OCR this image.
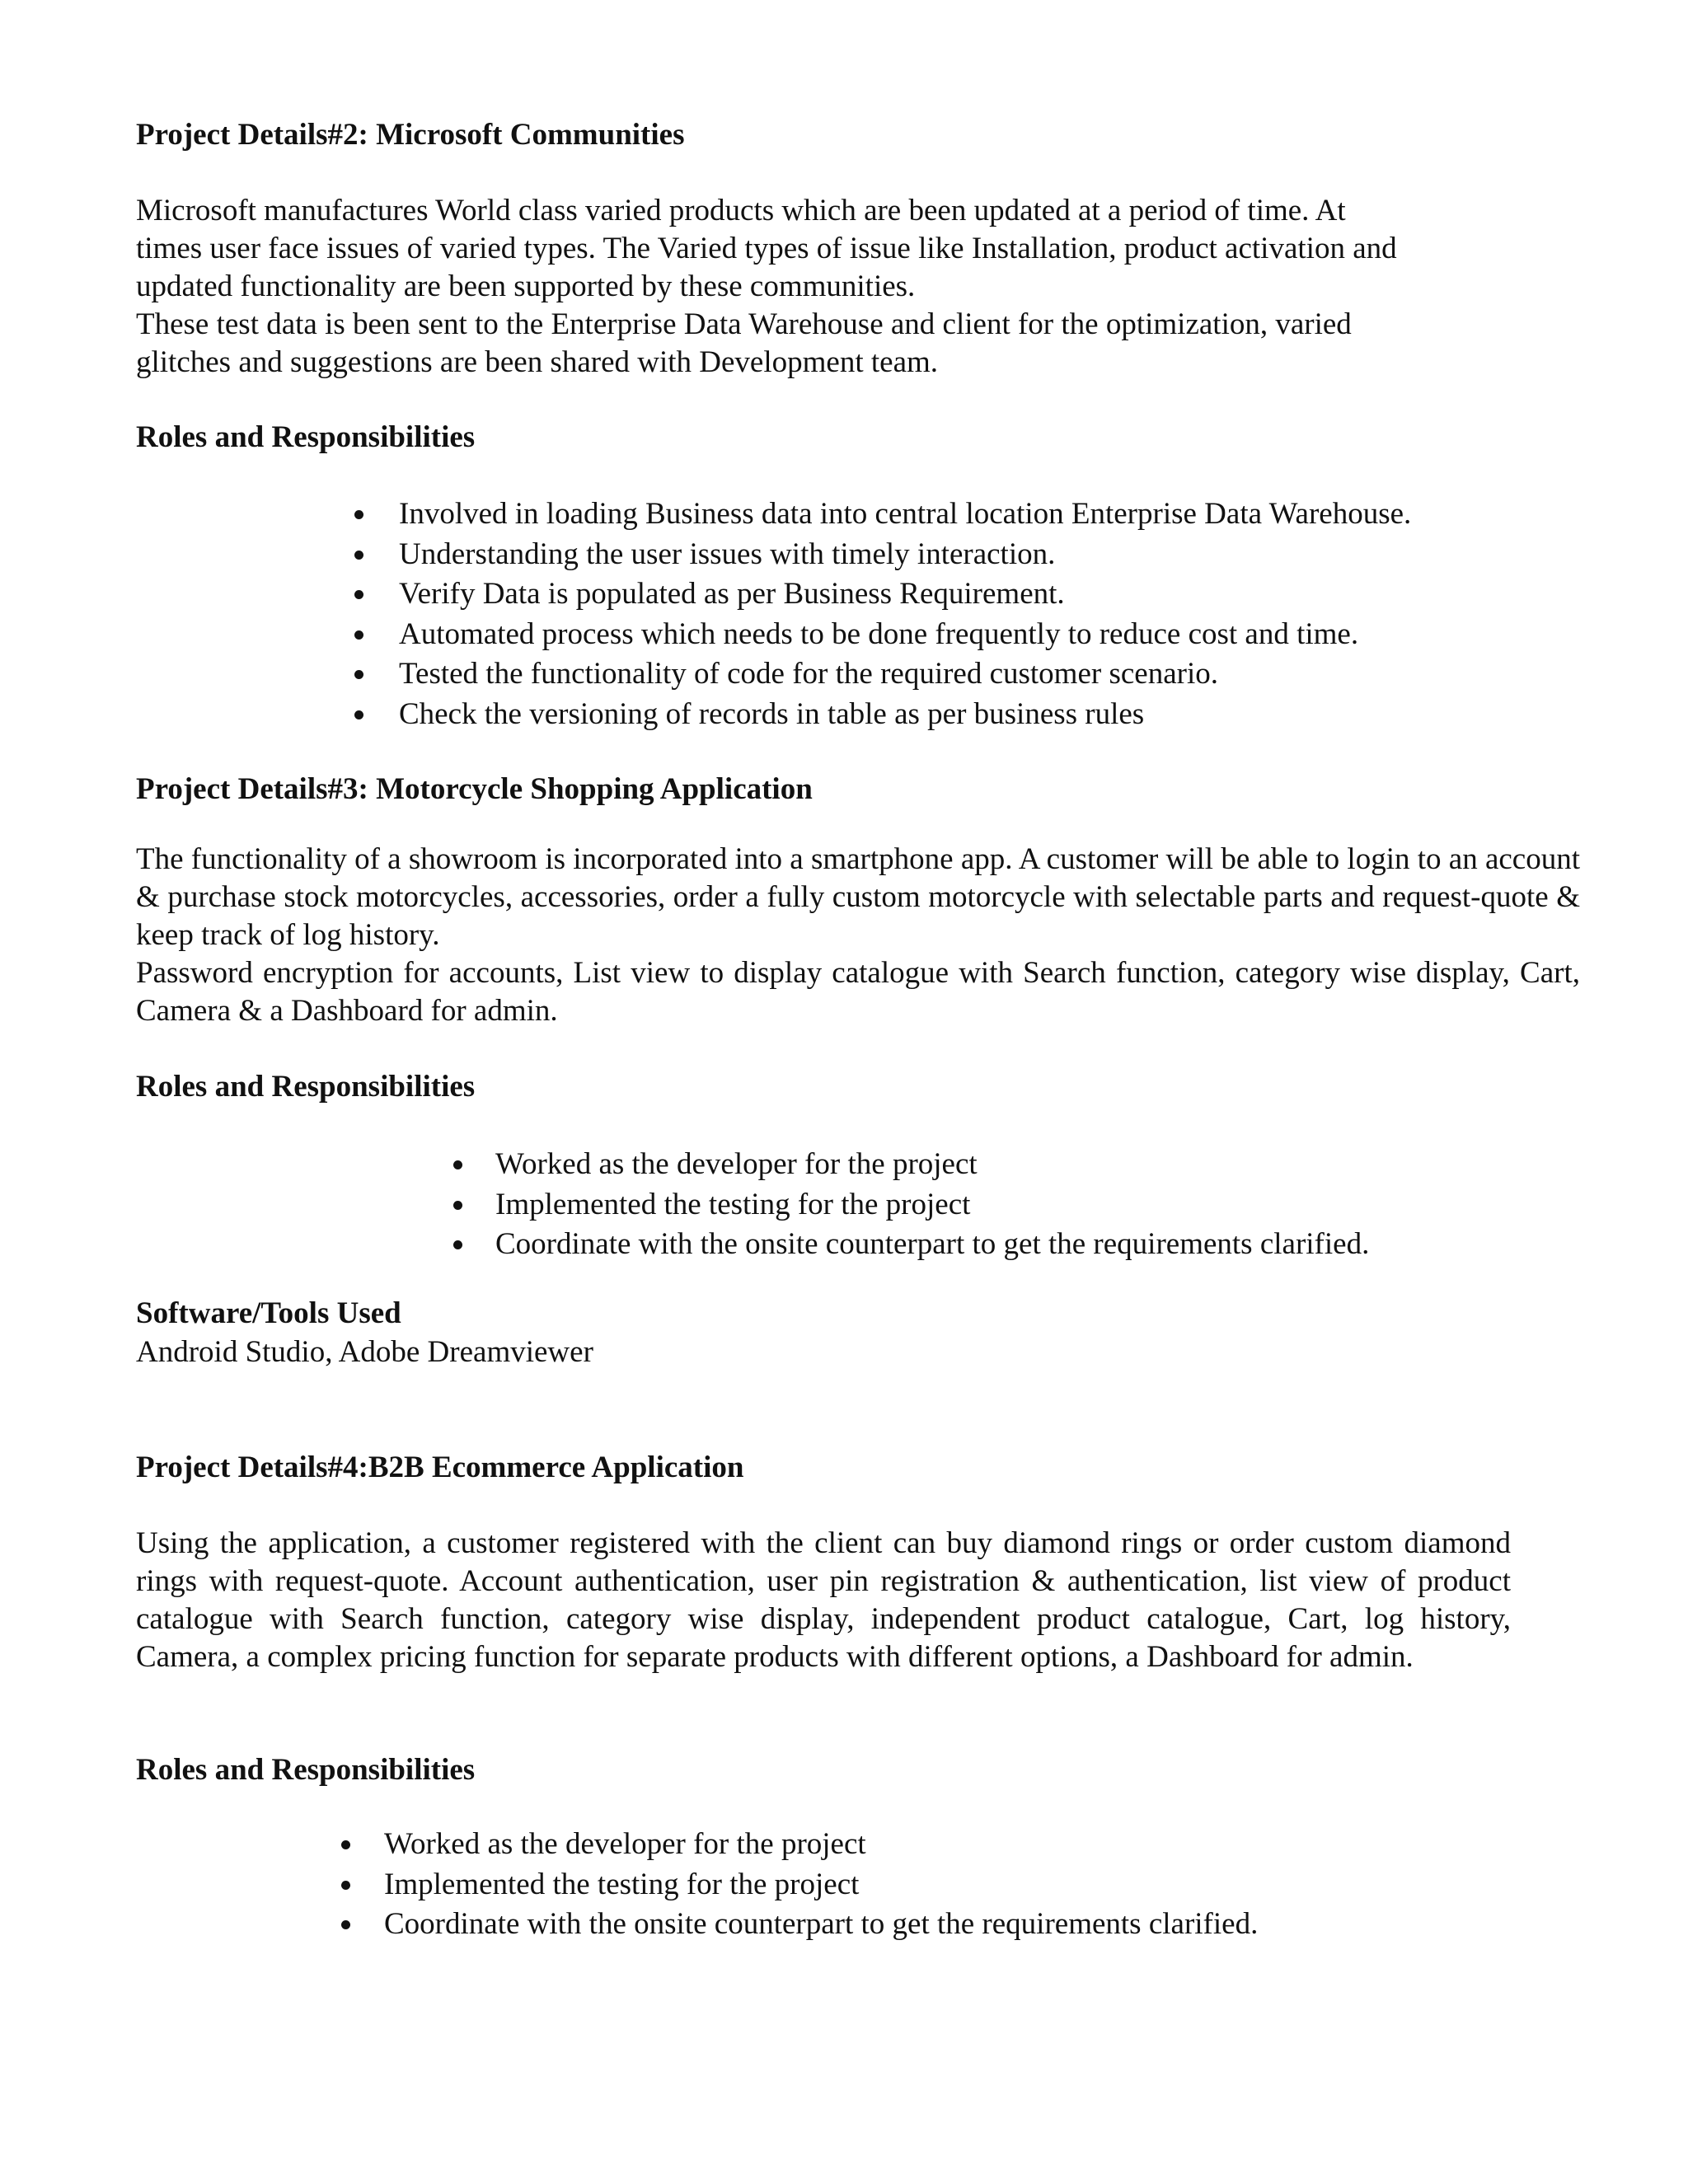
Project Details#2: Microsoft Communities
Microsoft manufactures World class varied products which are been updated at a period of time. At
times user face issues of varied types. The Varied types of issue like Installation, product activation and
updated functionality are been supported by these communities.
These test data is been sent to the Enterprise Data Warehouse and client for the optimization, varied
glitches and suggestions are been shared with Development team.
Roles and Responsibilities
Involved in loading Business data into central location Enterprise Data Warehouse.
Understanding the user issues with timely interaction.
Verify Data is populated as per Business Requirement.
Automated process which needs to be done frequently to reduce cost and time.
Tested the functionality of code for the required customer scenario.
Check the versioning of records in table as per business rules
Project Details#3: Motorcycle Shopping Application
The functionality of a showroom is incorporated into a smartphone app. A customer will be able to login to an account & purchase stock motorcycles, accessories, order a fully custom motorcycle with selectable parts and request-quote & keep track of log history.
Password encryption for accounts, List view to display catalogue with Search function, category wise display, Cart, Camera & a Dashboard for admin.
Roles and Responsibilities
Worked as the developer for the project
Implemented the testing for the project
Coordinate with the onsite counterpart to get the requirements clarified.
Software/Tools Used
Android Studio, Adobe Dreamviewer
Project Details#4:B2B Ecommerce Application
Using the application, a customer registered with the client can buy diamond rings or order custom diamond rings with request-quote. Account authentication, user pin registration & authentication, list view of product catalogue with Search function, category wise display, independent product catalogue, Cart, log history, Camera, a complex pricing function for separate products with different options, a Dashboard for admin.
Roles and Responsibilities
Worked as the developer for the project
Implemented the testing for the project
Coordinate with the onsite counterpart to get the requirements clarified.
